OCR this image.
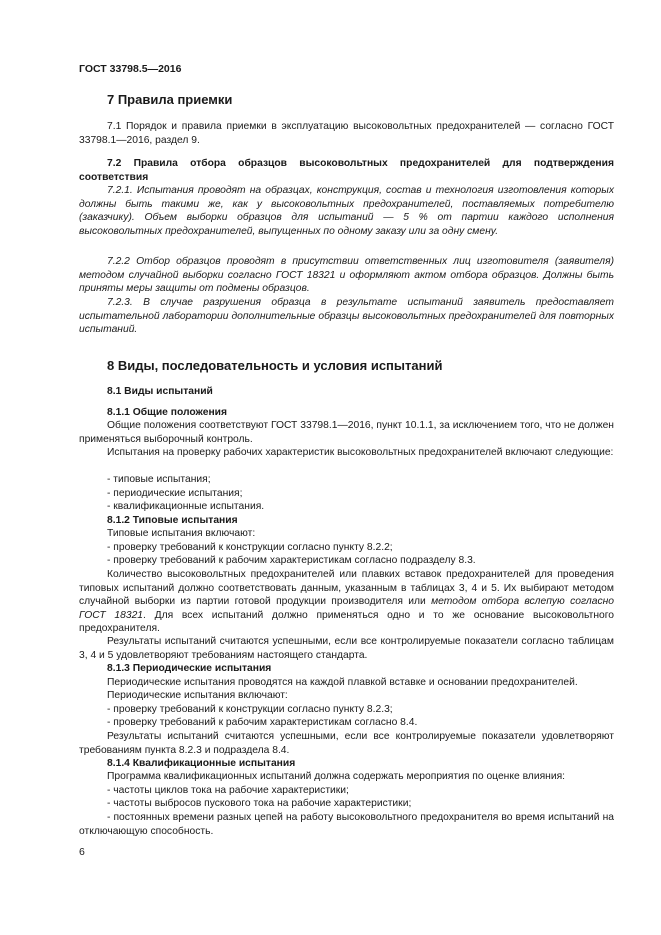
ГОСТ 33798.5—2016

7 Правила приемки

7.1 Порядок и правила приемки в эксплуатацию высоковольтных предохранителей — согласно ГОСТ 33798.1—2016, раздел 9.

7.2 Правила отбора образцов высоковольтных предохранителей для подтверждения соответствия

7.2.1. Испытания проводят на образцах, конструкция, состав и технология изготовления которых должны быть такими же, как у высоковольтных предохранителей, поставляемых потребителю (заказчику). Объем выборки образцов для испытаний — 5 % от партии каждого исполнения высоковольтных предохранителей, выпущенных по одному заказу или за одну смену.

7.2.2 Отбор образцов проводят в присутствии ответственных лиц изготовителя (заявителя) методом случайной выборки согласно ГОСТ 18321 и оформляют актом отбора образцов. Должны быть приняты меры защиты от подмены образцов.

7.2.3. В случае разрушения образца в результате испытаний заявитель предоставляет испытательной лаборатории дополнительные образцы высоковольтных предохранителей для повторных испытаний.

8 Виды, последовательность и условия испытаний

8.1 Виды испытаний

8.1.1 Общие положения

Общие положения соответствуют ГОСТ 33798.1—2016, пункт 10.1.1, за исключением того, что не должен применяться выборочный контроль.

Испытания на проверку рабочих характеристик высоковольтных предохранителей включают следующие:

- типовые испытания;

- периодические испытания;

- квалификационные испытания.

8.1.2 Типовые испытания

Типовые испытания включают:

- проверку требований к конструкции согласно пункту 8.2.2;

- проверку требований к рабочим характеристикам согласно подразделу 8.3.

Количество высоковольтных предохранителей или плавких вставок предохранителей для проведения типовых испытаний должно соответствовать данным, указанным в таблицах 3, 4 и 5. Их выбирают методом случайной выборки из партии готовой продукции производителя или методом отбора вслепую согласно ГОСТ 18321. Для всех испытаний должно применяться одно и то же основание высоковольтного предохранителя.

Результаты испытаний считаются успешными, если все контролируемые показатели согласно таблицам 3, 4 и 5 удовлетворяют требованиям настоящего стандарта.

8.1.3 Периодические испытания

Периодические испытания проводятся на каждой плавкой вставке и основании предохранителей.

Периодические испытания включают:

- проверку требований к конструкции согласно пункту 8.2.3;

- проверку требований к рабочим характеристикам согласно 8.4.

Результаты испытаний считаются успешными, если все контролируемые показатели удовлетворяют требованиям пункта 8.2.3 и подраздела 8.4.

8.1.4 Квалификационные испытания

Программа квалификационных испытаний должна содержать мероприятия по оценке влияния:

- частоты циклов тока на рабочие характеристики;

- частоты выбросов пускового тока на рабочие характеристики;

- постоянных времени разных цепей на работу высоковольтного предохранителя во время испытаний на отключающую способность.

6
